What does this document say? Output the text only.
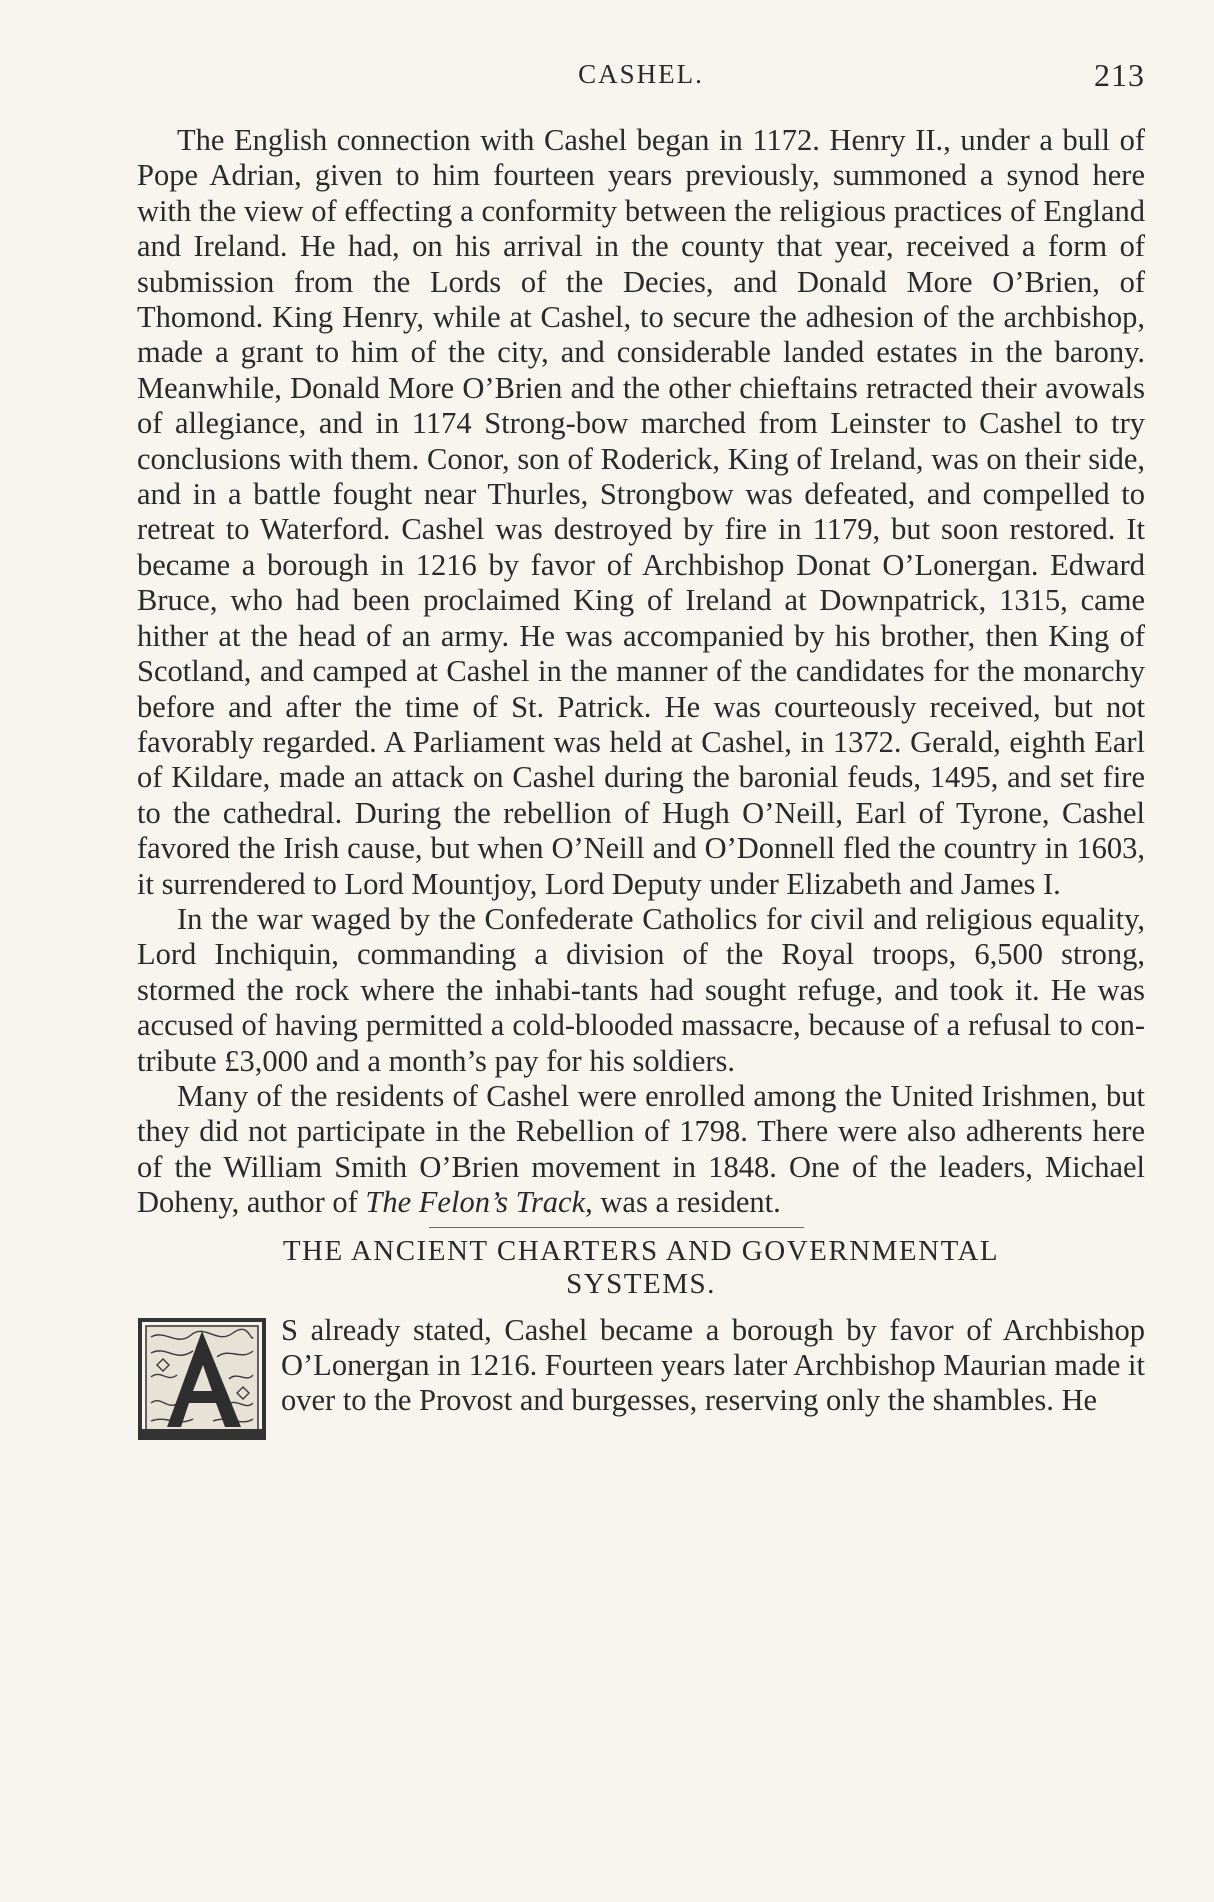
CASHEL.	213

The English connection with Cashel began in 1172. Henry II., under a bull of Pope Adrian, given to him fourteen years previously, summoned a synod here with the view of effecting a conformity between the religious practices of England and Ireland. He had, on his arrival in the county that year, received a form of submission from the Lords of the Decies, and Donald More O’Brien, of Thomond. King Henry, while at Cashel, to secure the adhesion of the archbishop, made a grant to him of the city, and considerable landed estates in the barony. Meanwhile, Donald More O’Brien and the other chieftains retracted their avowals of allegiance, and in 1174 Strong-bow marched from Leinster to Cashel to try conclusions with them. Conor, son of Roderick, King of Ireland, was on their side, and in a battle fought near Thurles, Strongbow was defeated, and compelled to retreat to Waterford. Cashel was destroyed by fire in 1179, but soon restored. It became a borough in 1216 by favor of Archbishop Donat O’Lonergan. Edward Bruce, who had been proclaimed King of Ireland at Downpatrick, 1315, came hither at the head of an army. He was accompanied by his brother, then King of Scotland, and camped at Cashel in the manner of the candidates for the monarchy before and after the time of St. Patrick. He was courteously received, but not favorably regarded. A Parliament was held at Cashel, in 1372. Gerald, eighth Earl of Kildare, made an attack on Cashel during the baronial feuds, 1495, and set fire to the cathedral. During the rebellion of Hugh O’Neill, Earl of Tyrone, Cashel favored the Irish cause, but when O’Neill and O’Donnell fled the country in 1603, it surrendered to Lord Mountjoy, Lord Deputy under Elizabeth and James I.

In the war waged by the Confederate Catholics for civil and religious equality, Lord Inchiquin, commanding a division of the Royal troops, 6,500 strong, stormed the rock where the inhabi-tants had sought refuge, and took it. He was accused of having permitted a cold-blooded massacre, because of a refusal to con-tribute £3,000 and a month’s pay for his soldiers.

Many of the residents of Cashel were enrolled among the United Irishmen, but they did not participate in the Rebellion of 1798. There were also adherents here of the William Smith O’Brien movement in 1848. One of the leaders, Michael Doheny, author of The Felon’s Track, was a resident.

THE ANCIENT CHARTERS AND GOVERNMENTAL
SYSTEMS.

S already stated, Cashel became a borough by favor of Archbishop O’Lonergan in 1216. Fourteen years later Archbishop Maurian made it over to the Provost and burgesses, reserving only the shambles. He
